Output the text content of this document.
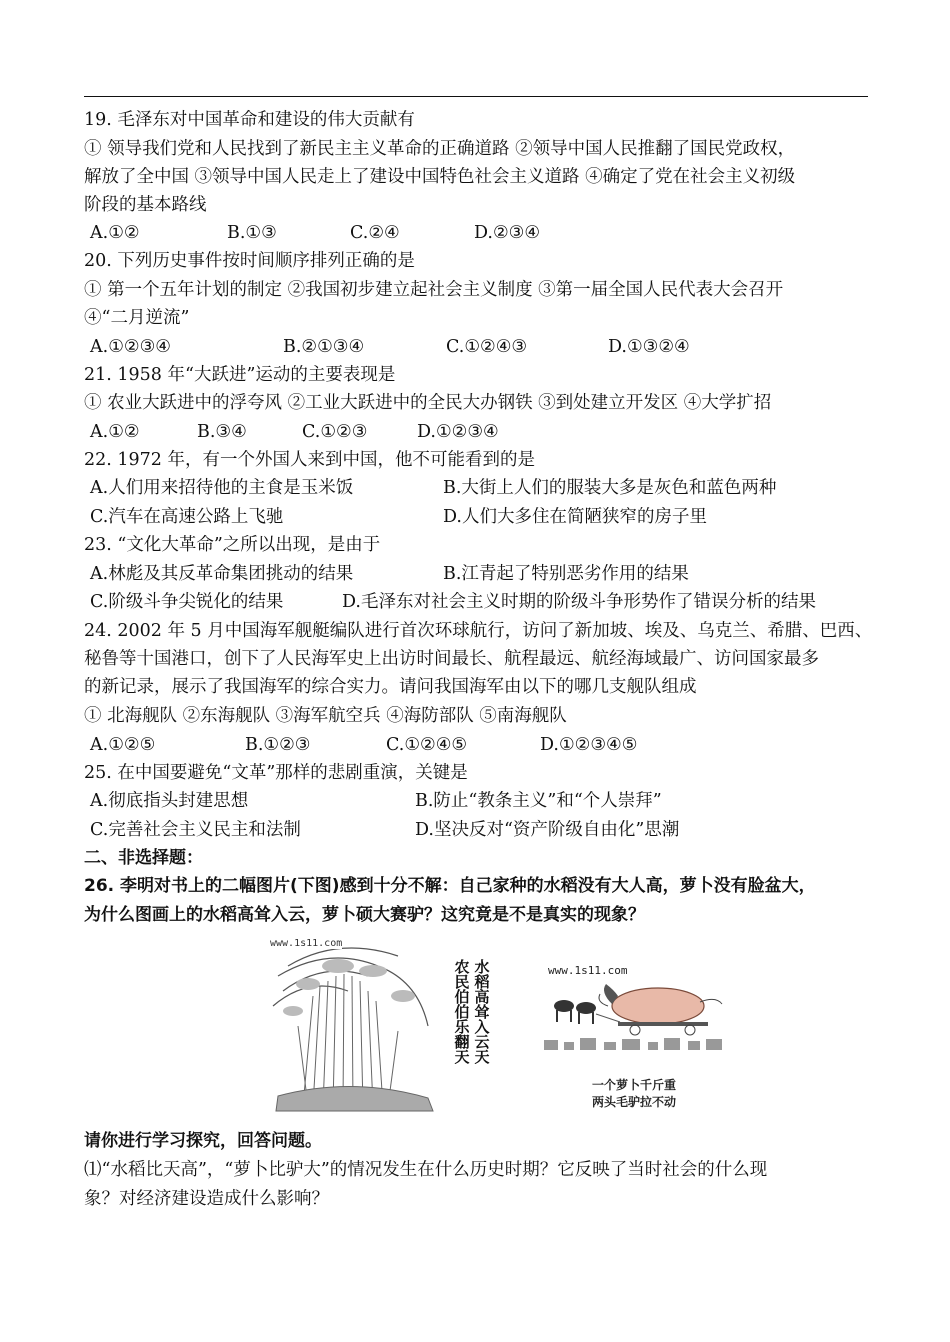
19. 毛泽东对中国革命和建设的伟大贡献有
① 领导我们党和人民找到了新民主主义革命的正确道路 ②领导中国人民推翻了国民党政权，
解放了全中国 ③领导中国人民走上了建设中国特色社会主义道路 ④确定了党在社会主义初级
阶段的基本路线
A.①②	B.①③	C.②④	D.②③④
20. 下列历史事件按时间顺序排列正确的是
① 第一个五年计划的制定 ②我国初步建立起社会主义制度 ③第一届全国人民代表大会召开
④“二月逆流”
A.①②③④	B.②①③④	C.①②④③	D.①③②④
21. 1958 年“大跃进”运动的主要表现是
① 农业大跃进中的浮夸风 ②工业大跃进中的全民大办钢铁 ③到处建立开发区 ④大学扩招
A.①②	B.③④	C.①②③	D.①②③④
22. 1972 年，有一个外国人来到中国，他不可能看到的是
A.人们用来招待他的主食是玉米饭	B.大街上人们的服装大多是灰色和蓝色两种
C.汽车在高速公路上飞驰	D.人们大多住在简陋狭窄的房子里
23. “文化大革命”之所以出现，是由于
A.林彪及其反革命集团挑动的结果	B.江青起了特别恶劣作用的结果
C.阶级斗争尖锐化的结果	D.毛泽东对社会主义时期的阶级斗争形势作了错误分析的结果
24. 2002 年 5 月中国海军舰艇编队进行首次环球航行，访问了新加坡、埃及、乌克兰、希腊、巴西、
秘鲁等十国港口，创下了人民海军史上出访时间最长、航程最远、航经海域最广、访问国家最多
的新记录，展示了我国海军的综合实力。请问我国海军由以下的哪几支舰队组成
① 北海舰队 ②东海舰队 ③海军航空兵 ④海防部队 ⑤南海舰队
A.①②⑤	B.①②③	C.①②④⑤	D.①②③④⑤
25. 在中国要避免“文革”那样的悲剧重演，关键是
A.彻底指头封建思想	B.防止“教条主义”和“个人崇拜”
C.完善社会主义民主和法制	D.坚决反对“资产阶级自由化”思潮
二、非选择题：
26. 李明对书上的二幅图片(下图)感到十分不解：自己家种的水稻没有大人高，萝卜没有脸盆大，
为什么图画上的水稻高耸入云，萝卜硕大赛驴？这究竟是不是真实的现象？
www.1s11.com
水稻高耸入云天
农民伯伯乐翻天
www.1s11.com
一个萝卜千斤重
两头毛驴拉不动
请你进行学习探究，回答问题。
⑴“水稻比天高”，“萝卜比驴大”的情况发生在什么历史时期？它反映了当时社会的什么现
象？对经济建设造成什么影响？
